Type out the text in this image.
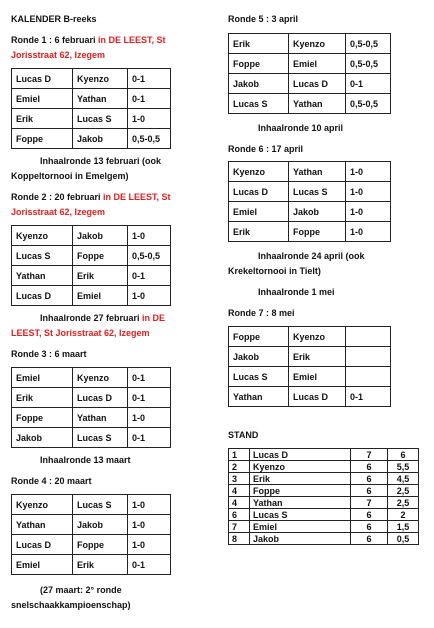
KALENDER B-reeks
Ronde 1 : 6 februari in DE LEEST, St
Jorisstraat 62, Izegem
Lucas D	Kyenzo	0-1
Emiel	Yathan	0-1
Erik	Lucas S	1-0
Foppe	Jakob	0,5-0,5
Inhaalronde 13 februari (ook
Koppeltornooi in Emelgem)
Ronde 2 : 20 februari in DE LEEST, St
Jorisstraat 62, Izegem
Kyenzo	Jakob	1-0
Lucas S	Foppe	0,5-0,5
Yathan	Erik	0-1
Lucas D	Emiel	1-0
Inhaalronde 27 februari in DE
LEEST, St Jorisstraat 62, Izegem
Ronde 3 : 6 maart
Emiel	Kyenzo	0-1
Erik	Lucas D	0-1
Foppe	Yathan	1-0
Jakob	Lucas S	0-1
Inhaalronde 13 maart
Ronde 4 : 20 maart
Kyenzo	Lucas S	1-0
Yathan	Jakob	1-0
Lucas D	Foppe	1-0
Emiel	Erik	0-1
(27 maart: 2° ronde
snelschaakkampioenschap)
Ronde 5 : 3 april
Erik	Kyenzo	0,5-0,5
Foppe	Emiel	0,5-0,5
Jakob	Lucas D	0-1
Lucas S	Yathan	0,5-0,5
Inhaalronde 10 april
Ronde 6 : 17 april
Kyenzo	Yathan	1-0
Lucas D	Lucas S	1-0
Emiel	Jakob	1-0
Erik	Foppe	1-0
Inhaalronde 24 april (ook
Krekeltornooi in Tielt)
Inhaalronde 1 mei
Ronde 7 : 8 mei
Foppe	Kyenzo	
Jakob	Erik	
Lucas S	Emiel	
Yathan	Lucas D	0-1
STAND
1	Lucas D	7	6
2	Kyenzo	6	5,5
3	Erik	6	4,5
4	Foppe	6	2,5
4	Yathan	7	2,5
6	Lucas S	6	2
7	Emiel	6	1,5
8	Jakob	6	0,5
